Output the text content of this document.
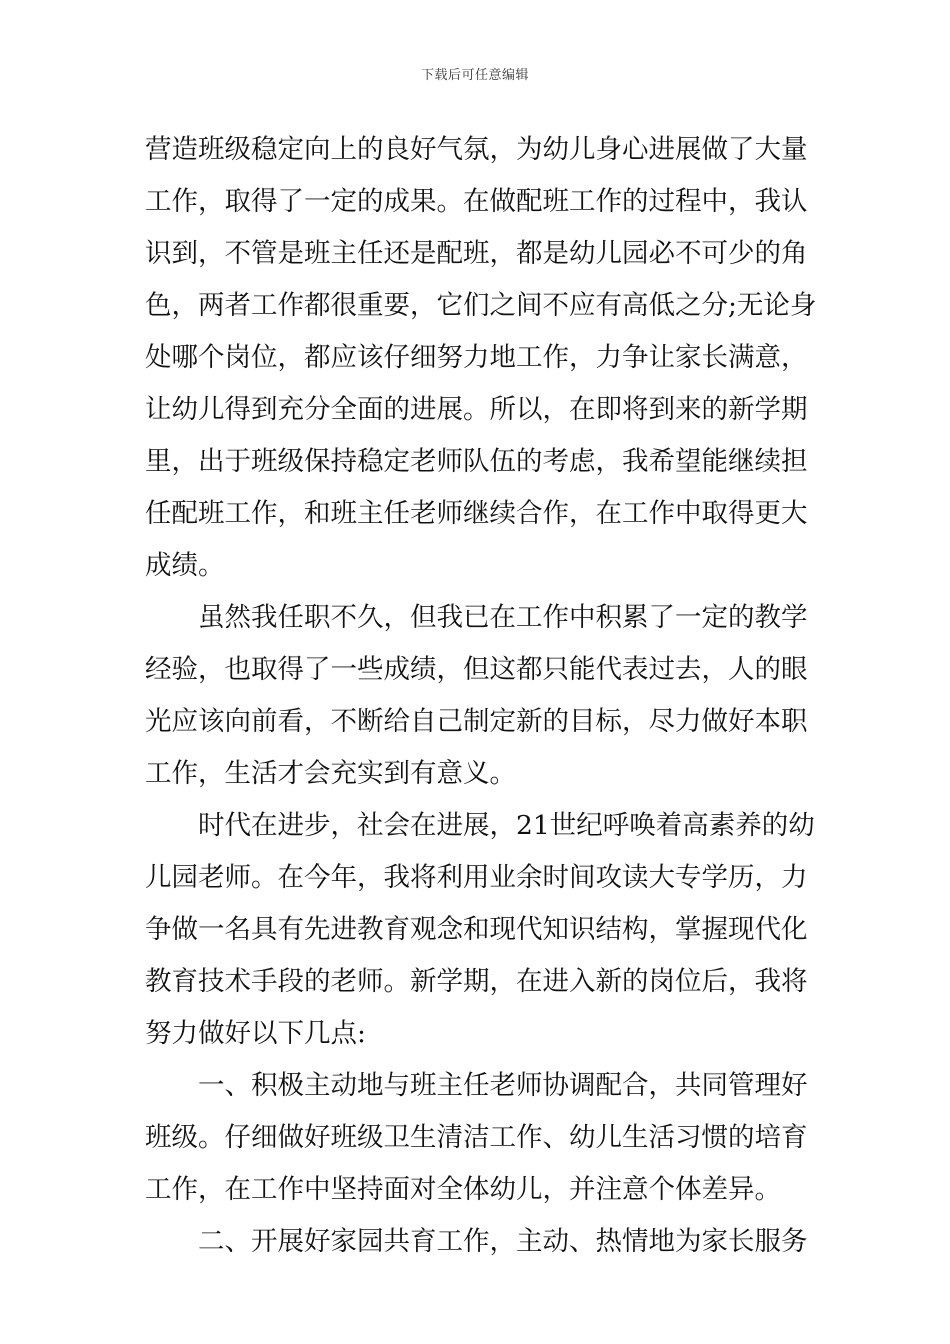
下载后可任意编辑
营造班级稳定向上的良好气氛，为幼儿身心进展做了大量
工作，取得了一定的成果。在做配班工作的过程中，我认
识到，不管是班主任还是配班，都是幼儿园必不可少的角
色，两者工作都很重要，它们之间不应有高低之分;无论身
处哪个岗位，都应该仔细努力地工作，力争让家长满意，
让幼儿得到充分全面的进展。所以，在即将到来的新学期
里，出于班级保持稳定老师队伍的考虑，我希望能继续担
任配班工作，和班主任老师继续合作，在工作中取得更大
成绩。
虽然我任职不久，但我已在工作中积累了一定的教学
经验，也取得了一些成绩，但这都只能代表过去，人的眼
光应该向前看，不断给自己制定新的目标，尽力做好本职
工作，生活才会充实到有意义。
时代在进步，社会在进展，21世纪呼唤着高素养的幼
儿园老师。在今年，我将利用业余时间攻读大专学历，力
争做一名具有先进教育观念和现代知识结构，掌握现代化
教育技术手段的老师。新学期，在进入新的岗位后，我将
努力做好以下几点:
一、积极主动地与班主任老师协调配合，共同管理好
班级。仔细做好班级卫生清洁工作、幼儿生活习惯的培育
工作，在工作中坚持面对全体幼儿，并注意个体差异。
二、开展好家园共育工作，主动、热情地为家长服务
